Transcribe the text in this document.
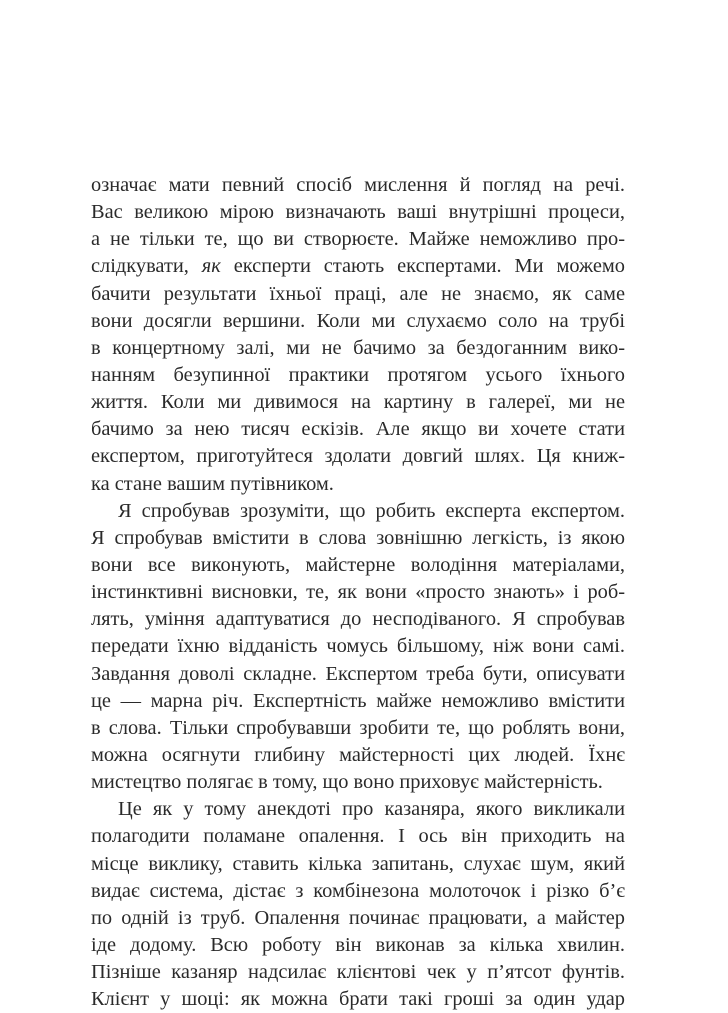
означає мати певний спосіб мислення й погляд на речі.
Вас великою мірою визначають ваші внутрішні процеси,
а не тільки те, що ви створюєте. Майже неможливо про-
слідкувати, як експерти стають експертами. Ми можемо
бачити результати їхньої праці, але не знаємо, як саме
вони досягли вершини. Коли ми слухаємо соло на трубі
в концертному залі, ми не бачимо за бездоганним вико-
нанням безупинної практики протягом усього їхнього
життя. Коли ми дивимося на картину в галереї, ми не
бачимо за нею тисяч ескізів. Але якщо ви хочете стати
експертом, приготуйтеся здолати довгий шлях. Ця книж-
ка стане вашим путівником.
Я спробував зрозуміти, що робить експерта експертом.
Я спробував вмістити в слова зовнішню легкість, із якою
вони все виконують, майстерне володіння матеріалами,
інстинктивні висновки, те, як вони «просто знають» і роб-
лять, уміння адаптуватися до несподіваного. Я спробував
передати їхню відданість чомусь більшому, ніж вони самі.
Завдання доволі складне. Експертом треба бути, описувати
це — марна річ. Експертність майже неможливо вмістити
в слова. Тільки спробувавши зробити те, що роблять вони,
можна осягнути глибину майстерності цих людей. Їхнє
мистецтво полягає в тому, що воно приховує майстерність.
Це як у тому анекдоті про казаняра, якого викликали
полагодити поламане опалення. І ось він приходить на
місце виклику, ставить кілька запитань, слухає шум, який
видає система, дістає з комбінезона молоточок і різко б’є
по одній із труб. Опалення починає працювати, а майстер
іде додому. Всю роботу він виконав за кілька хвилин.
Пізніше казаняр надсилає клієнтові чек у п’ятсот фунтів.
Клієнт у шоці: як можна брати такі гроші за один удар
